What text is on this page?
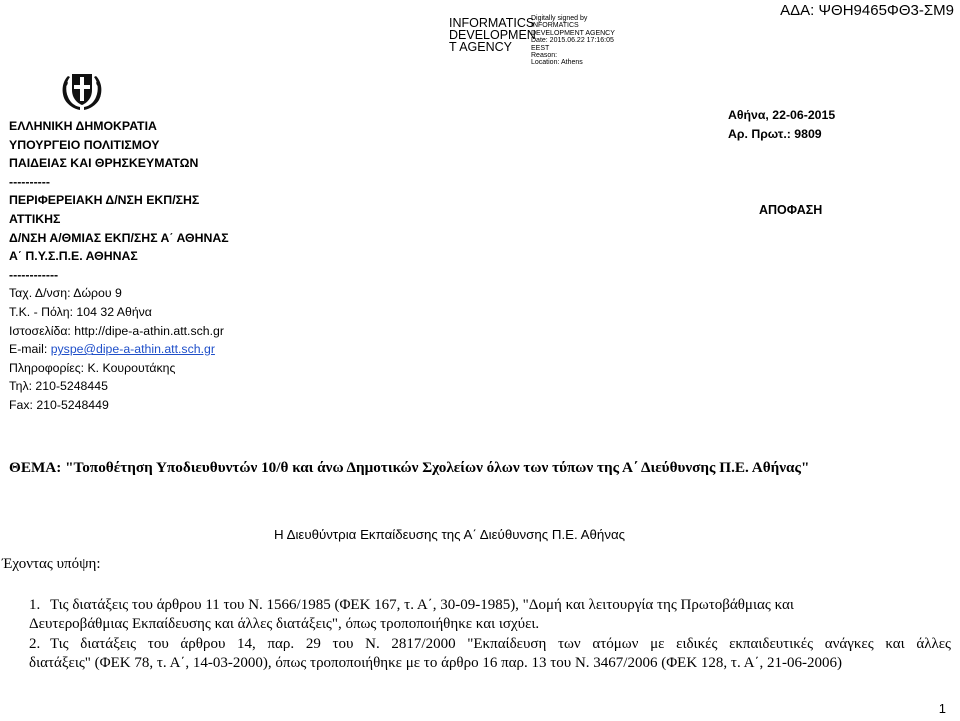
INFORMATICS
DEVELOPMEN
T AGENCY
Digitally signed by
INFORMATICS
DEVELOPMENT AGENCY
Date: 2015.06.22 17:16:05
EEST
Reason:
Location: Athens
ΑΔΑ: ΨΘΗ9465ΦΘ3-ΣΜ9
ΕΛΛΗΝΙΚΗ ΔΗΜΟΚΡΑΤΙΑ
ΥΠΟΥΡΓΕΙΟ ΠΟΛΙΤΙΣΜΟΥ
ΠΑΙΔΕΙΑΣ ΚΑΙ ΘΡΗΣΚΕΥΜΑΤΩΝ
----------
ΠΕΡΙΦΕΡΕΙΑΚΗ Δ/ΝΣΗ ΕΚΠ/ΣΗΣ
ΑΤΤΙΚΗΣ
Δ/ΝΣΗ Α/ΘΜΙΑΣ ΕΚΠ/ΣΗΣ Α΄ ΑΘΗΝΑΣ
Α΄ Π.Υ.Σ.Π.Ε. ΑΘΗΝΑΣ
------------
Ταχ. Δ/νση: Δώρου 9
Τ.Κ. - Πόλη: 104 32 Αθήνα
Ιστοσελίδα: http://dipe-a-athin.att.sch.gr
E-mail: pyspe@dipe-a-athin.att.sch.gr
Πληροφορίες: Κ. Κουρουτάκης
Τηλ: 210-5248445
Fax: 210-5248449
Αθήνα, 22-06-2015
Αρ. Πρωτ.: 9809
ΑΠΟΦΑΣΗ
ΘΕΜΑ: "Τοποθέτηση Υποδιευθυντών 10/θ και άνω Δημοτικών Σχολείων όλων των τύπων της Α΄ Διεύθυνσης Π.Ε. Αθήνας"
Η Διευθύντρια Εκπαίδευσης της Α΄ Διεύθυνσης Π.Ε. Αθήνας
Έχοντας υπόψη:
1. Τις διατάξεις του άρθρου 11 του Ν. 1566/1985 (ΦΕΚ 167, τ. Α΄, 30-09-1985), "Δομή και λειτουργία της Πρωτοβάθμιας και
Δευτεροβάθμιας Εκπαίδευσης και άλλες διατάξεις", όπως τροποποιήθηκε και ισχύει.
2. Τις διατάξεις του άρθρου 14, παρ. 29 του Ν. 2817/2000 "Εκπαίδευση των ατόμων με ειδικές εκπαιδευτικές ανάγκες και άλλες
διατάξεις" (ΦΕΚ 78, τ. Α΄, 14-03-2000), όπως τροποποιήθηκε με το άρθρο 16 παρ. 13 του Ν. 3467/2006 (ΦΕΚ 128, τ. Α΄, 21-06-2006)
1
